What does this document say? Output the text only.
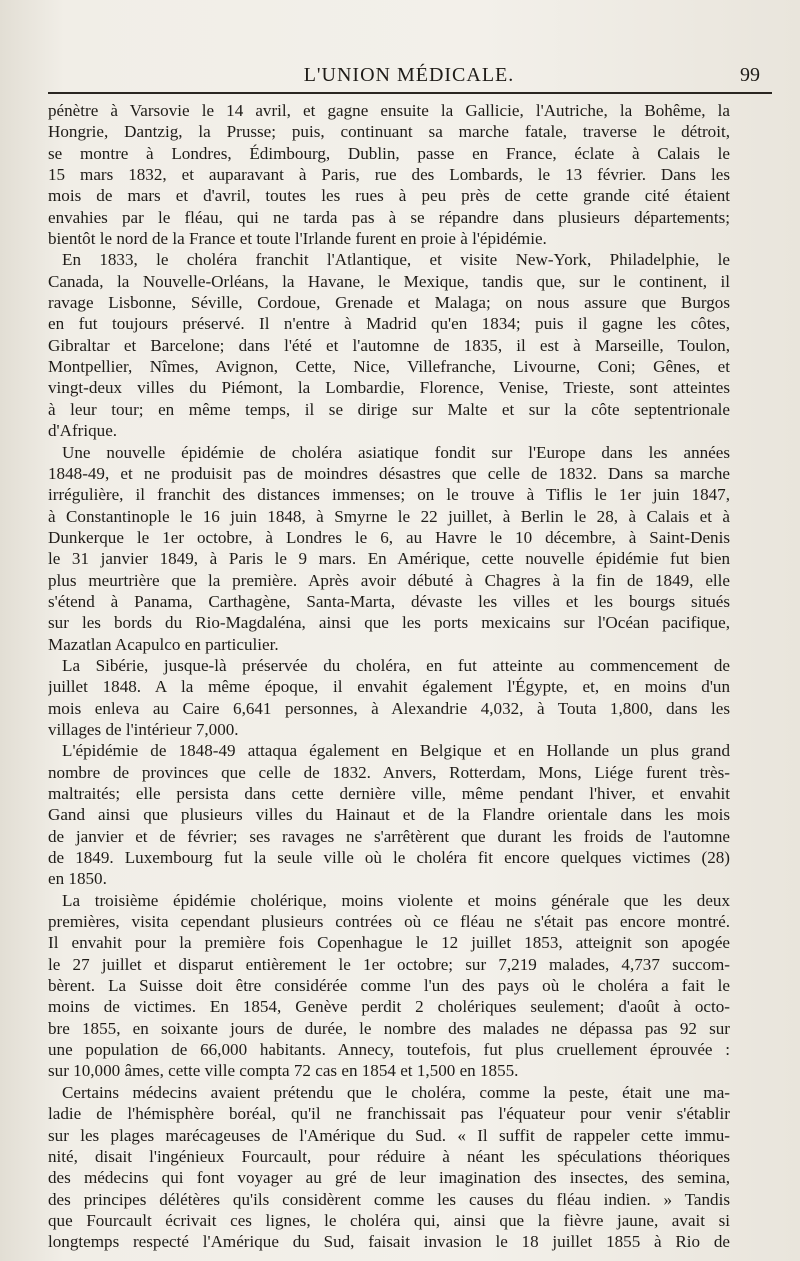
L'UNION MÉDICALE.	99
pénètre à Varsovie le 14 avril, et gagne ensuite la Gallicie, l'Autriche, la Bohême, la
Hongrie, Dantzig, la Prusse; puis, continuant sa marche fatale, traverse le détroit,
se montre à Londres, Édimbourg, Dublin, passe en France, éclate à Calais le
15 mars 1832, et auparavant à Paris, rue des Lombards, le 13 février. Dans les
mois de mars et d'avril, toutes les rues à peu près de cette grande cité étaient
envahies par le fléau, qui ne tarda pas à se répandre dans plusieurs départements;
bientôt le nord de la France et toute l'Irlande furent en proie à l'épidémie.
En 1833, le choléra franchit l'Atlantique, et visite New-York, Philadelphie, le
Canada, la Nouvelle-Orléans, la Havane, le Mexique, tandis que, sur le continent, il
ravage Lisbonne, Séville, Cordoue, Grenade et Malaga; on nous assure que Burgos
en fut toujours préservé. Il n'entre à Madrid qu'en 1834; puis il gagne les côtes,
Gibraltar et Barcelone; dans l'été et l'automne de 1835, il est à Marseille, Toulon,
Montpellier, Nîmes, Avignon, Cette, Nice, Villefranche, Livourne, Coni; Gênes, et
vingt-deux villes du Piémont, la Lombardie, Florence, Venise, Trieste, sont atteintes
à leur tour; en même temps, il se dirige sur Malte et sur la côte septentrionale
d'Afrique.
Une nouvelle épidémie de choléra asiatique fondit sur l'Europe dans les années
1848-49, et ne produisit pas de moindres désastres que celle de 1832. Dans sa marche
irrégulière, il franchit des distances immenses; on le trouve à Tiflis le 1er juin 1847,
à Constantinople le 16 juin 1848, à Smyrne le 22 juillet, à Berlin le 28, à Calais et à
Dunkerque le 1er octobre, à Londres le 6, au Havre le 10 décembre, à Saint-Denis
le 31 janvier 1849, à Paris le 9 mars. En Amérique, cette nouvelle épidémie fut bien
plus meurtrière que la première. Après avoir débuté à Chagres à la fin de 1849, elle
s'étend à Panama, Carthagène, Santa-Marta, dévaste les villes et les bourgs situés
sur les bords du Rio-Magdaléna, ainsi que les ports mexicains sur l'Océan pacifique,
Mazatlan Acapulco en particulier.
La Sibérie, jusque-là préservée du choléra, en fut atteinte au commencement de
juillet 1848. A la même époque, il envahit également l'Égypte, et, en moins d'un
mois enleva au Caire 6,641 personnes, à Alexandrie 4,032, à Touta 1,800, dans les
villages de l'intérieur 7,000.
L'épidémie de 1848-49 attaqua également en Belgique et en Hollande un plus grand
nombre de provinces que celle de 1832. Anvers, Rotterdam, Mons, Liége furent très-
maltraités; elle persista dans cette dernière ville, même pendant l'hiver, et envahit
Gand ainsi que plusieurs villes du Hainaut et de la Flandre orientale dans les mois
de janvier et de février; ses ravages ne s'arrêtèrent que durant les froids de l'automne
de 1849. Luxembourg fut la seule ville où le choléra fit encore quelques victimes (28)
en 1850.
La troisième épidémie cholérique, moins violente et moins générale que les deux
premières, visita cependant plusieurs contrées où ce fléau ne s'était pas encore montré.
Il envahit pour la première fois Copenhague le 12 juillet 1853, atteignit son apogée
le 27 juillet et disparut entièrement le 1er octobre; sur 7,219 malades, 4,737 succom-
bèrent. La Suisse doit être considérée comme l'un des pays où le choléra a fait le
moins de victimes. En 1854, Genève perdit 2 cholériques seulement; d'août à octo-
bre 1855, en soixante jours de durée, le nombre des malades ne dépassa pas 92 sur
une population de 66,000 habitants. Annecy, toutefois, fut plus cruellement éprouvée :
sur 10,000 âmes, cette ville compta 72 cas en 1854 et 1,500 en 1855.
Certains médecins avaient prétendu que le choléra, comme la peste, était une ma-
ladie de l'hémisphère boréal, qu'il ne franchissait pas l'équateur pour venir s'établir
sur les plages marécageuses de l'Amérique du Sud. « Il suffit de rappeler cette immu-
nité, disait l'ingénieux Fourcault, pour réduire à néant les spéculations théoriques
des médecins qui font voyager au gré de leur imagination des insectes, des semina,
des principes délétères qu'ils considèrent comme les causes du fléau indien. » Tandis
que Fourcault écrivait ces lignes, le choléra qui, ainsi que la fièvre jaune, avait si
longtemps respecté l'Amérique du Sud, faisait invasion le 18 juillet 1855 à Rio de
